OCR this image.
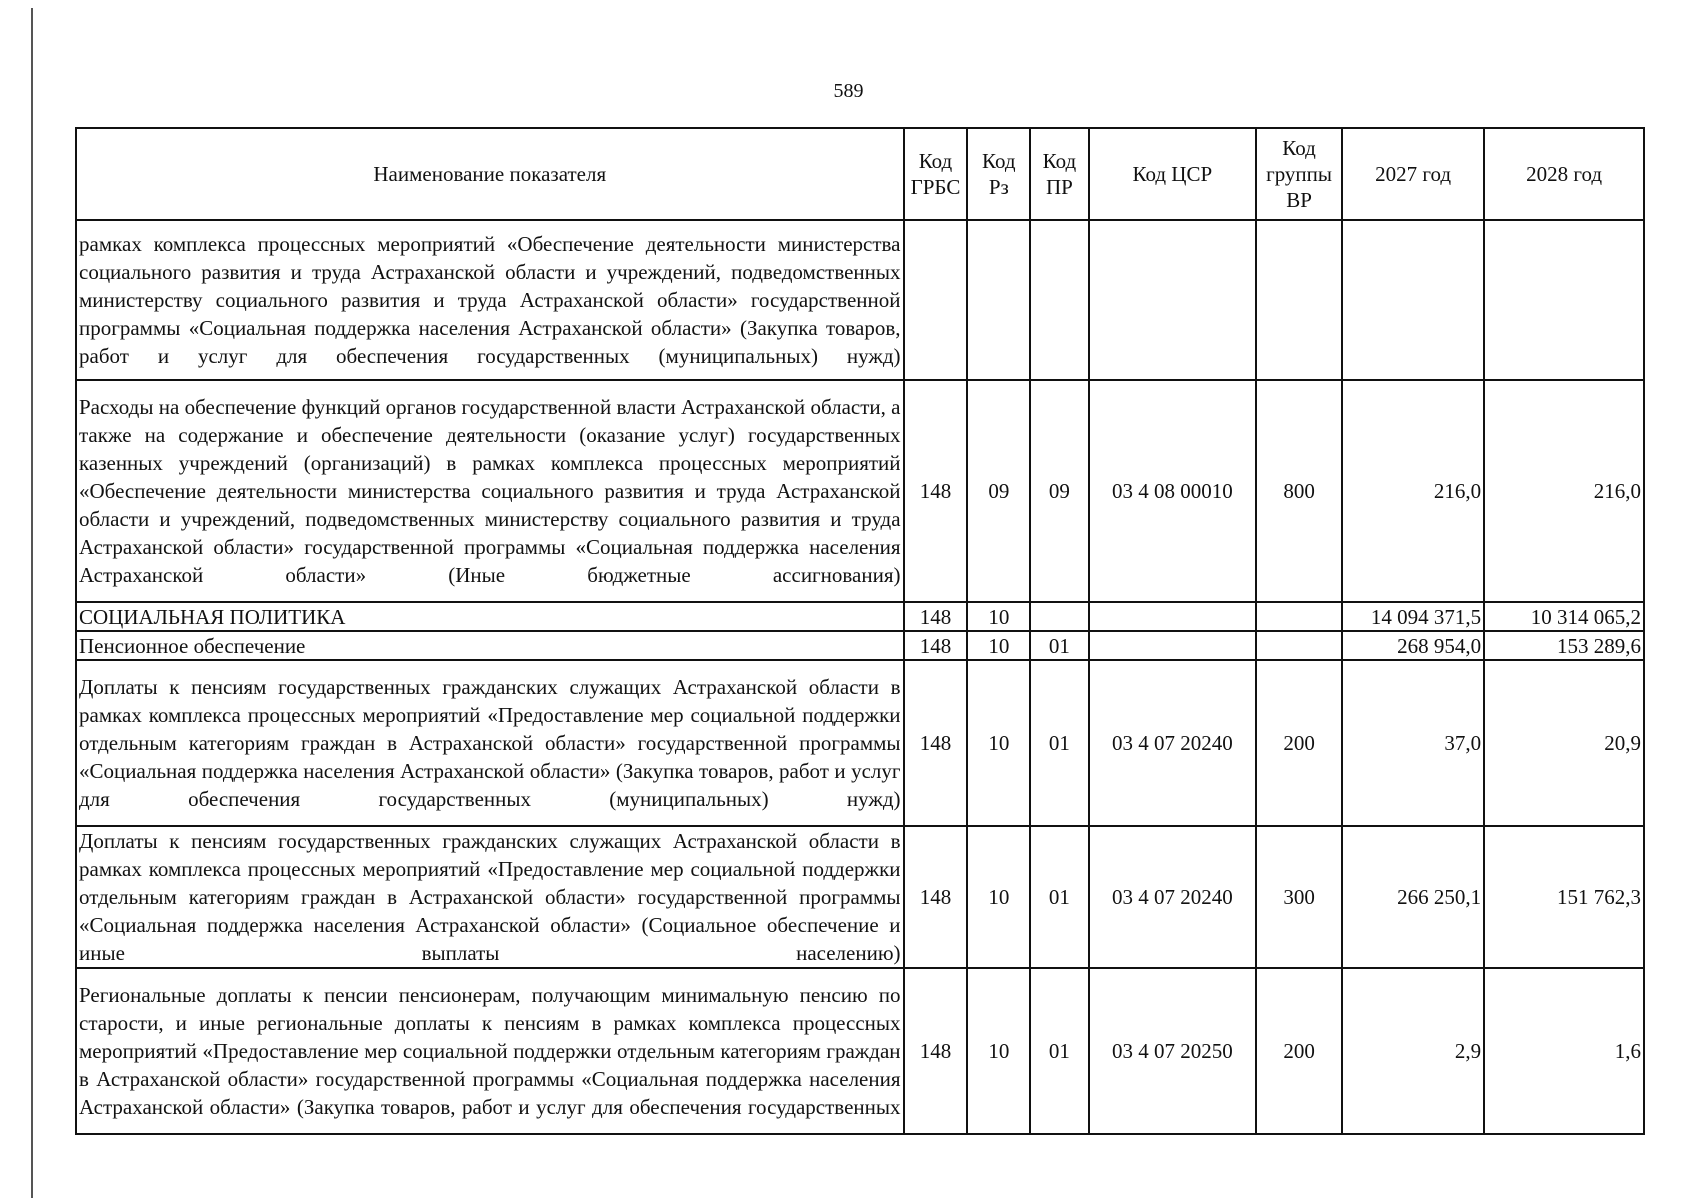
589
Наименование показателя	Код ГРБС	Код Рз	Код ПР	Код ЦСР	Код группы ВР	2027 год	2028 год
рамках комплекса процессных мероприятий «Обеспечение деятельности министерства социального развития и труда Астраханской области и учреждений, подведомственных министерству социального развития и труда Астраханской области» государственной программы «Социальная поддержка населения Астраханской области» (Закупка товаров, работ и услуг для обеспечения государственных (муниципальных) нужд)							
Расходы на обеспечение функций органов государственной власти Астраханской области, а также на содержание и обеспечение деятельности (оказание услуг) государственных казенных учреждений (организаций) в рамках комплекса процессных мероприятий «Обеспечение деятельности министерства социального развития и труда Астраханской области и учреждений, подведомственных министерству социального развития и труда Астраханской области» государственной программы «Социальная поддержка населения Астраханской области» (Иные бюджетные ассигнования)	148	09	09	03 4 08 00010	800	216,0	216,0
СОЦИАЛЬНАЯ ПОЛИТИКА	148	10				14 094 371,5	10 314 065,2
Пенсионное обеспечение	148	10	01			268 954,0	153 289,6
Доплаты к пенсиям государственных гражданских служащих Астраханской области в рамках комплекса процессных мероприятий «Предоставление мер социальной поддержки отдельным категориям граждан в Астраханской области» государственной программы «Социальная поддержка населения Астраханской области» (Закупка товаров, работ и услуг для обеспечения государственных (муниципальных) нужд)	148	10	01	03 4 07 20240	200	37,0	20,9
Доплаты к пенсиям государственных гражданских служащих Астраханской области в рамках комплекса процессных мероприятий «Предоставление мер социальной поддержки отдельным категориям граждан в Астраханской области» государственной программы «Социальная поддержка населения Астраханской области» (Социальное обеспечение и иные выплаты населению)	148	10	01	03 4 07 20240	300	266 250,1	151 762,3
Региональные доплаты к пенсии пенсионерам, получающим минимальную пенсию по старости, и иные региональные доплаты к пенсиям в рамках комплекса процессных мероприятий «Предоставление мер социальной поддержки отдельным категориям граждан в Астраханской области» государственной программы «Социальная поддержка населения Астраханской области» (Закупка товаров, работ и услуг для обеспечения государственных	148	10	01	03 4 07 20250	200	2,9	1,6
